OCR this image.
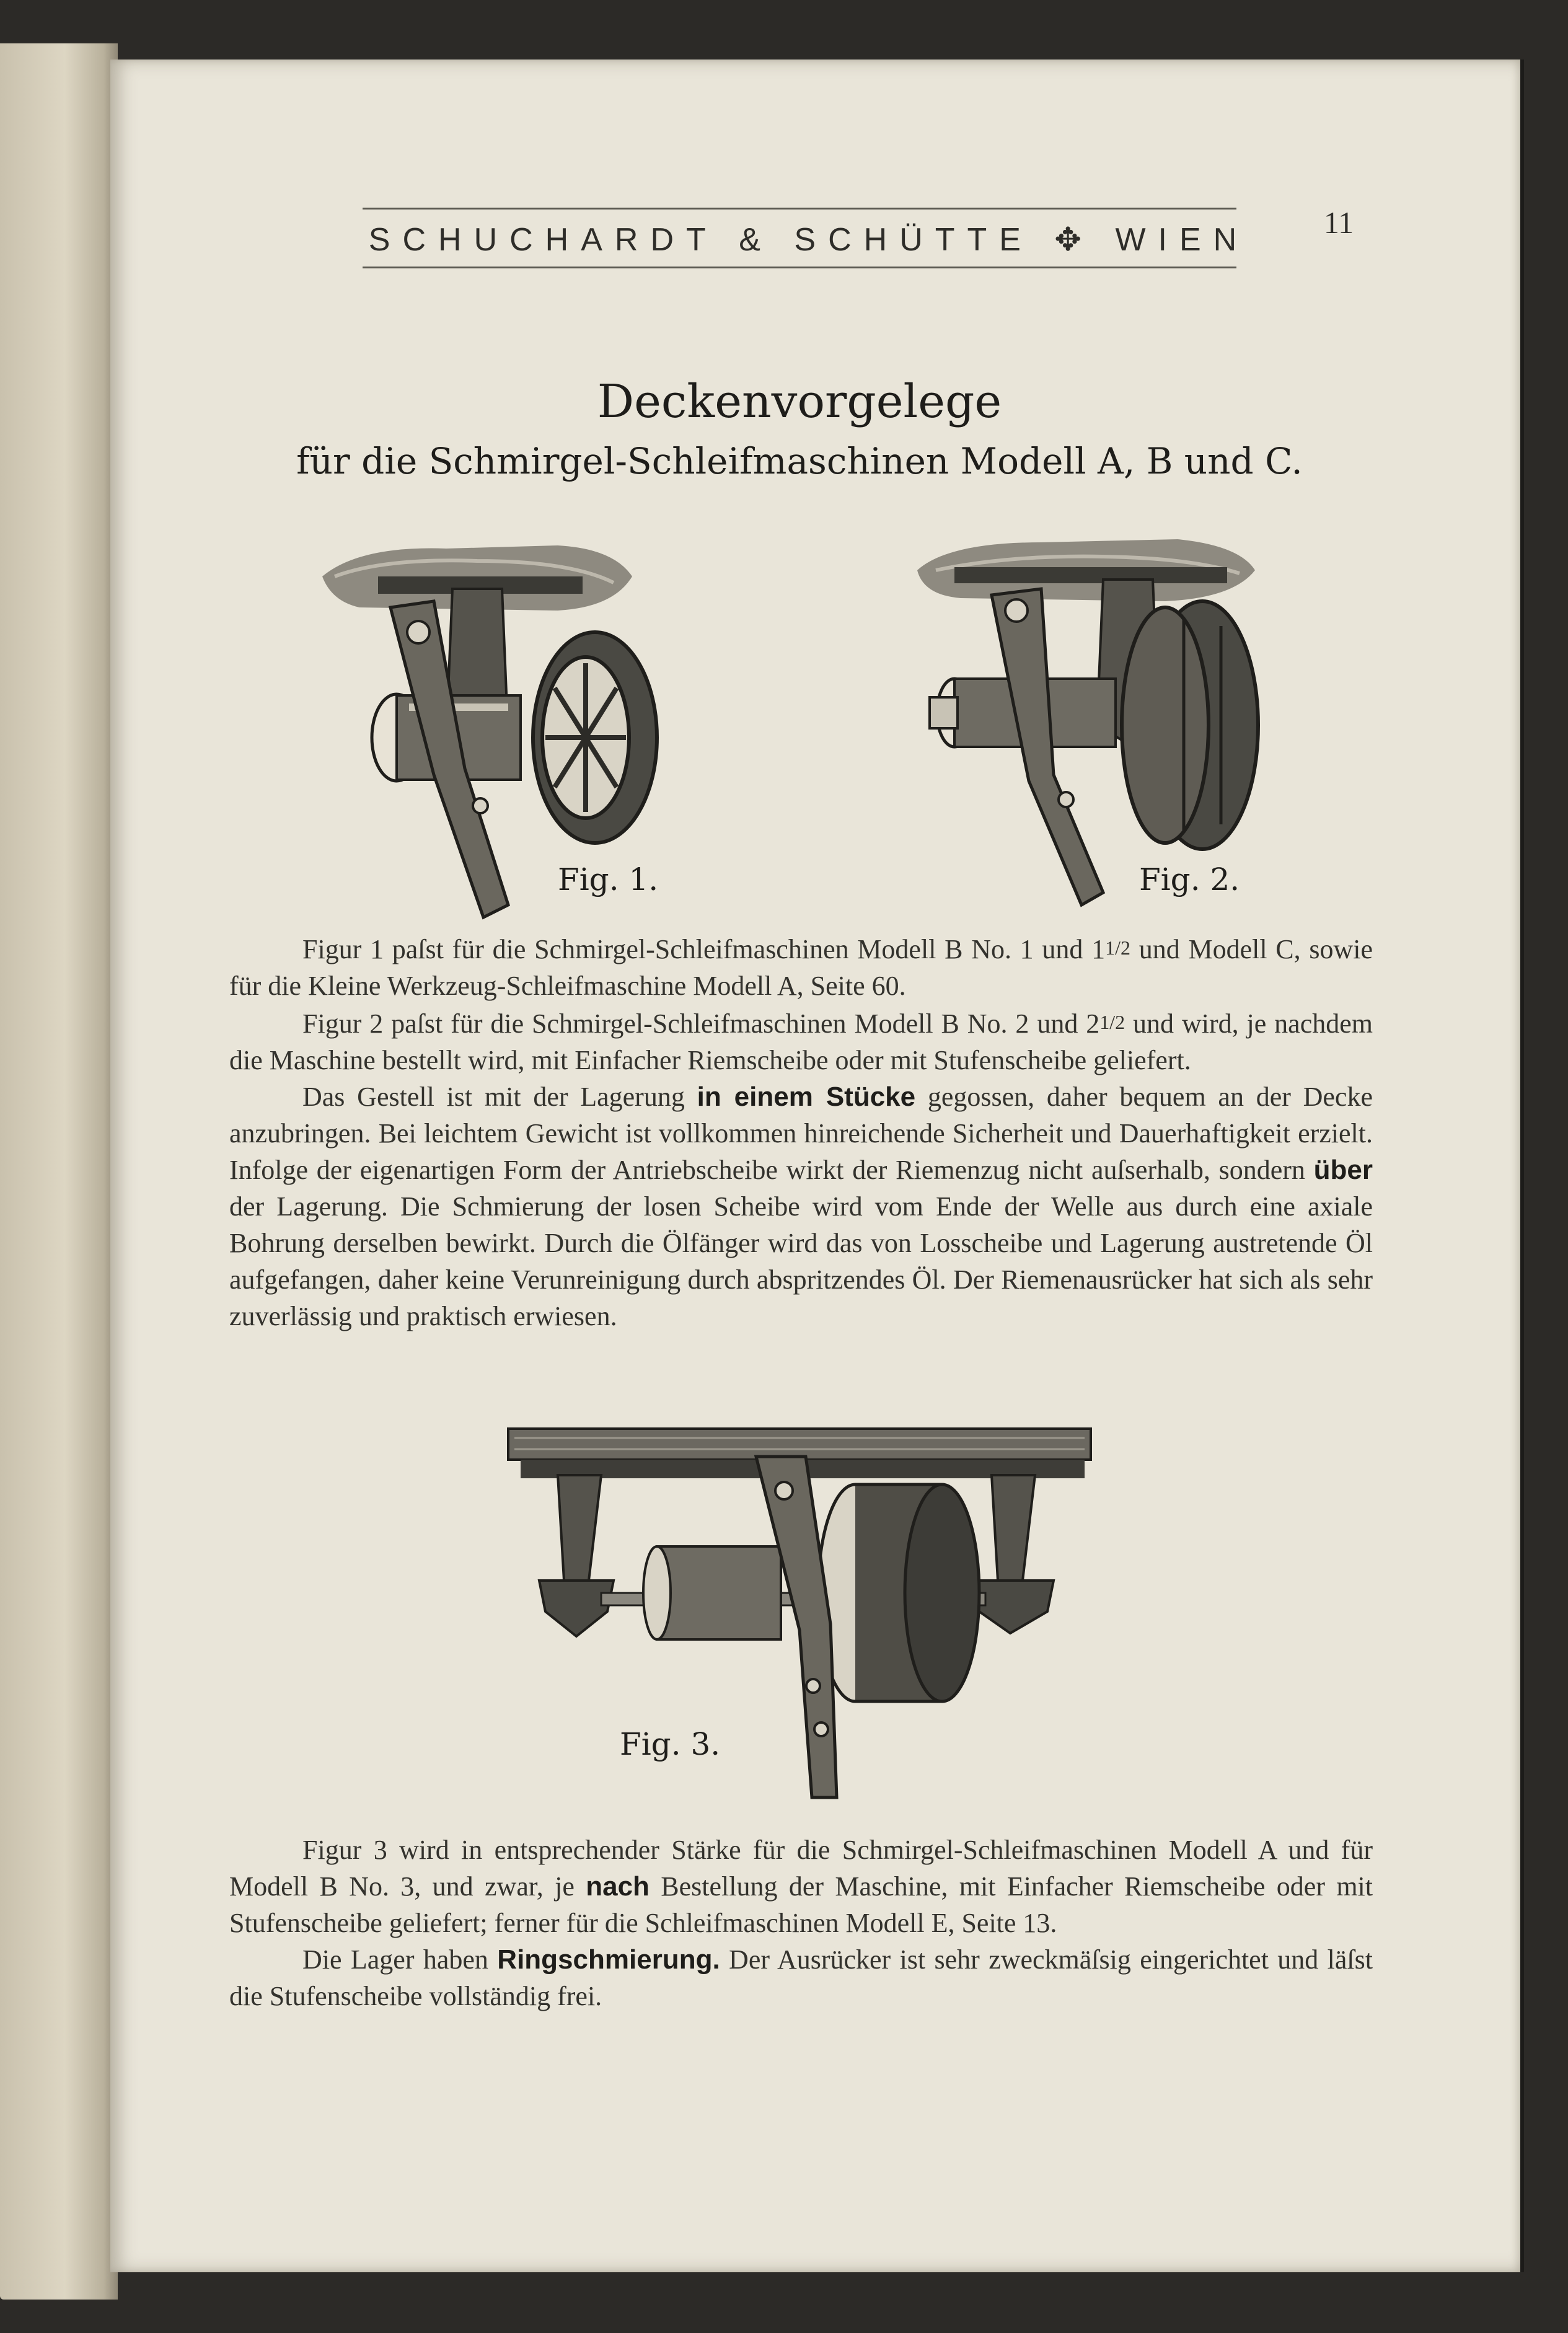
SCHUCHARDT & SCHÜTTE ✥ WIEN	11
Deckenvorgelege
für die Schmirgel-Schleifmaschinen Modell A, B und C.
Fig. 1.	Fig. 2.

Figur 1 paſst für die Schmirgel-Schleifmaschinen Modell B No. 1 und 11/2 und Modell C, sowie für die Kleine Werkzeug-Schleifmaschine Modell A, Seite 60.

Figur 2 paſst für die Schmirgel-Schleifmaschinen Modell B No. 2 und 21/2 und wird, je nachdem die Maschine bestellt wird, mit Einfacher Riemscheibe oder mit Stufenscheibe geliefert.

Das Gestell ist mit der Lagerung in einem Stücke gegossen, daher bequem an der Decke anzubringen. Bei leichtem Gewicht ist vollkommen hinreichende Sicherheit und Dauerhaftigkeit erzielt. Infolge der eigenartigen Form der Antriebscheibe wirkt der Riemenzug nicht auſserhalb, sondern über der Lagerung. Die Schmierung der losen Scheibe wird vom Ende der Welle aus durch eine axiale Bohrung derselben bewirkt. Durch die Ölfänger wird das von Losscheibe und Lagerung austretende Öl aufgefangen, daher keine Verunreinigung durch abspritzendes Öl. Der Riemenausrücker hat sich als sehr zuverlässig und praktisch erwiesen.

Fig. 3.

Figur 3 wird in entsprechender Stärke für die Schmirgel-Schleifmaschinen Modell A und für Modell B No. 3, und zwar, je nach Bestellung der Maschine, mit Einfacher Riemscheibe oder mit Stufenscheibe geliefert; ferner für die Schleifmaschinen Modell E, Seite 13.

Die Lager haben Ringschmierung. Der Ausrücker ist sehr zweckmäſsig eingerichtet und läſst die Stufenscheibe vollständig frei.
